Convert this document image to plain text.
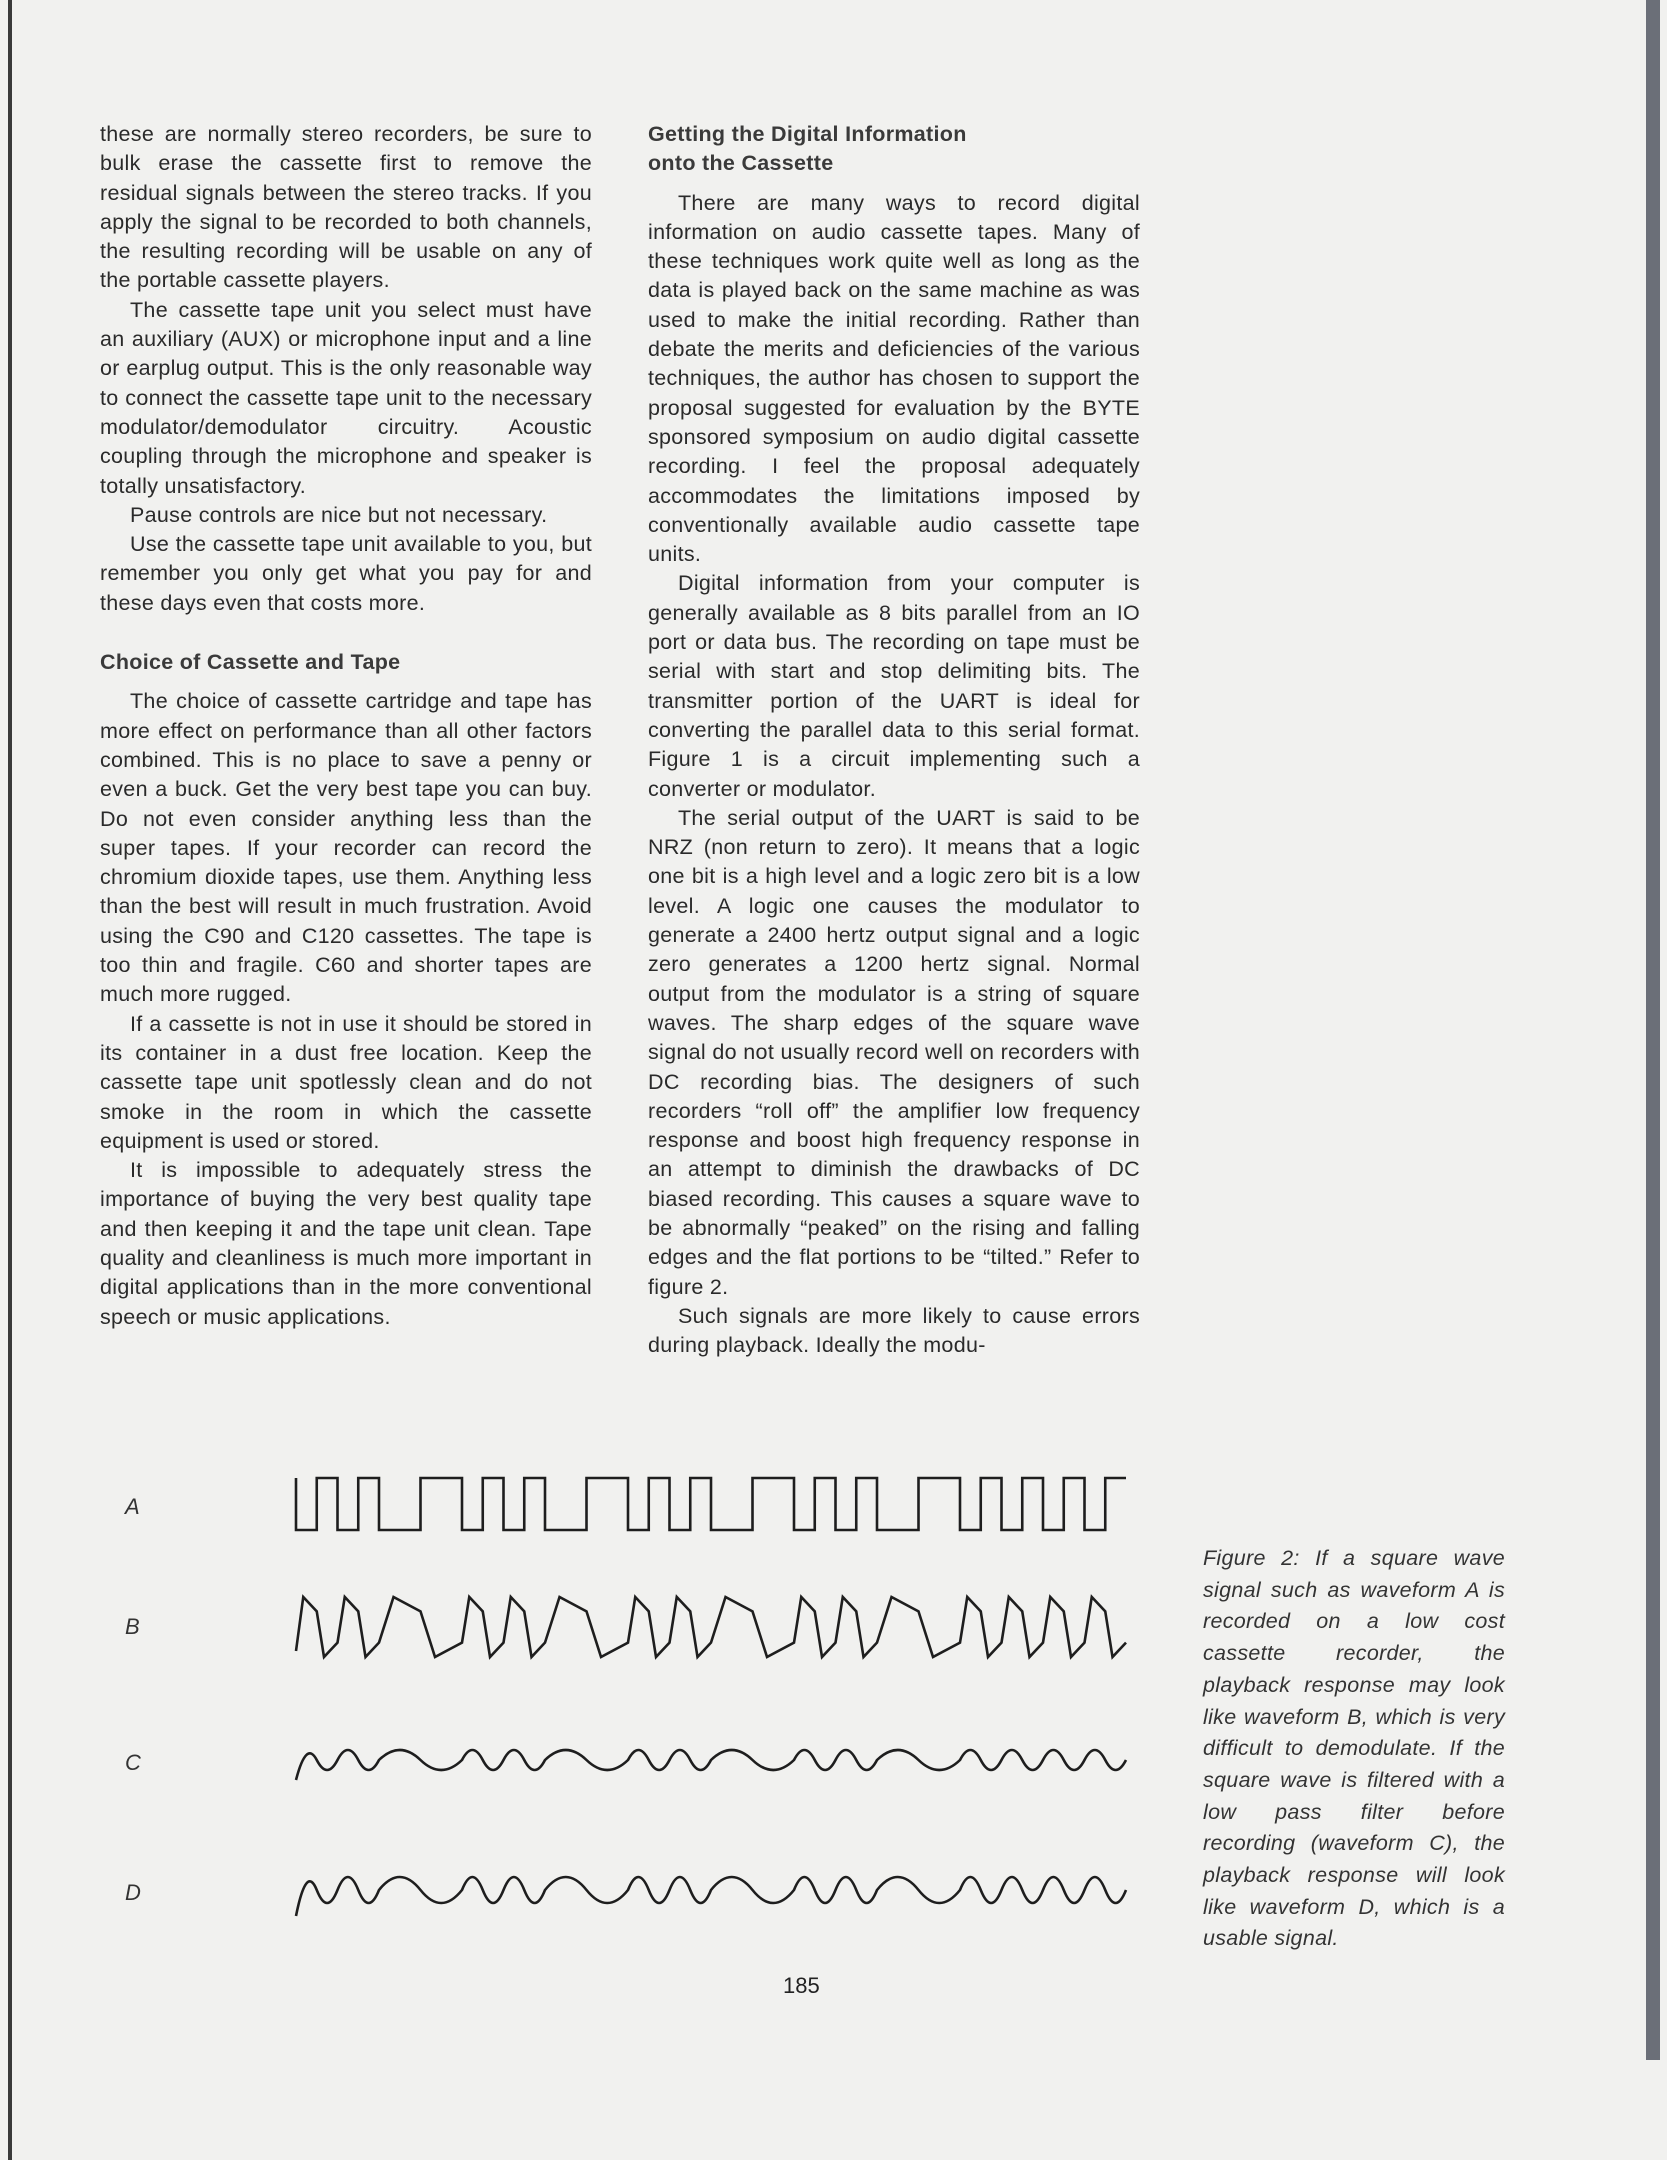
these are normally stereo recorders, be sure to bulk erase the cassette first to remove the residual signals between the stereo tracks. If you apply the signal to be recorded to both channels, the resulting recording will be usable on any of the portable cassette players.

The cassette tape unit you select must have an auxiliary (AUX) or microphone input and a line or earplug output. This is the only reasonable way to connect the cassette tape unit to the necessary modulator/demodulator circuitry. Acoustic coupling through the microphone and speaker is totally unsatisfactory.

Pause controls are nice but not necessary.

Use the cassette tape unit available to you, but remember you only get what you pay for and these days even that costs more.

Choice of Cassette and Tape

The choice of cassette cartridge and tape has more effect on performance than all other factors combined. This is no place to save a penny or even a buck. Get the very best tape you can buy. Do not even consider anything less than the super tapes. If your recorder can record the chromium dioxide tapes, use them. Anything less than the best will result in much frustration. Avoid using the C90 and C120 cassettes. The tape is too thin and fragile. C60 and shorter tapes are much more rugged.

If a cassette is not in use it should be stored in its container in a dust free location. Keep the cassette tape unit spotlessly clean and do not smoke in the room in which the cassette equipment is used or stored.

It is impossible to adequately stress the importance of buying the very best quality tape and then keeping it and the tape unit clean. Tape quality and cleanliness is much more important in digital applications than in the more conventional speech or music applications.

Getting the Digital Information
onto the Cassette

There are many ways to record digital information on audio cassette tapes. Many of these techniques work quite well as long as the data is played back on the same machine as was used to make the initial recording. Rather than debate the merits and deficiencies of the various techniques, the author has chosen to support the proposal suggested for evaluation by the BYTE sponsored symposium on audio digital cassette recording. I feel the proposal adequately accommodates the limitations imposed by conventionally available audio cassette tape units.

Digital information from your computer is generally available as 8 bits parallel from an IO port or data bus. The recording on tape must be serial with start and stop delimiting bits. The transmitter portion of the UART is ideal for converting the parallel data to this serial format. Figure 1 is a circuit implementing such a converter or modulator.

The serial output of the UART is said to be NRZ (non return to zero). It means that a logic one bit is a high level and a logic zero bit is a low level. A logic one causes the modulator to generate a 2400 hertz output signal and a logic zero generates a 1200 hertz signal. Normal output from the modulator is a string of square waves. The sharp edges of the square wave signal do not usually record well on recorders with DC recording bias. The designers of such recorders “roll off” the amplifier low frequency response and boost high frequency response in an attempt to diminish the drawbacks of DC biased recording. This causes a square wave to be abnormally “peaked” on the rising and falling edges and the flat portions to be “tilted.” Refer to figure 2.

Such signals are more likely to cause errors during playback. Ideally the modu-

A
B
C
D
Figure 2: If a square wave signal such as waveform A is recorded on a low cost cassette recorder, the playback response may look like waveform B, which is very difficult to demodulate. If the square wave is filtered with a low pass filter before recording (waveform C), the playback response will look like waveform D, which is a usable signal.
185
